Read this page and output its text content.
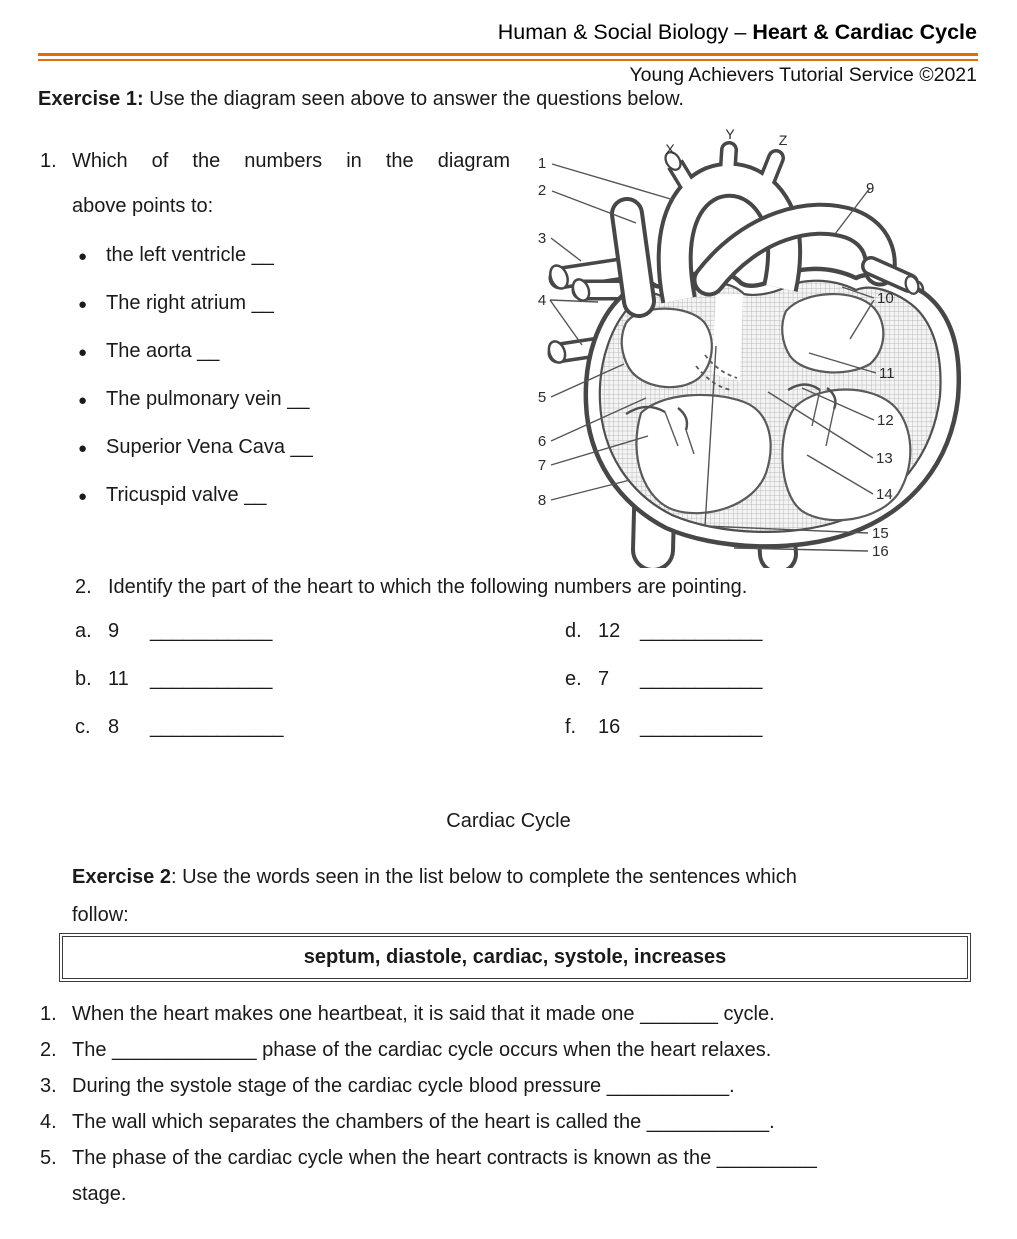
Human & Social Biology – Heart & Cardiac Cycle
Young Achievers Tutorial Service ©2021
Exercise 1: Use the diagram seen above to answer the questions below.
1. Which of the numbers in the diagram
above points to:
●
the left ventricle __
●
The right atrium __
●
The aorta __
●
The pulmonary vein __
●
Superior Vena Cava __
●
Tricuspid valve __
X
Y	Z
1
2
3
4
5
6
7
8
9
10
11
12
13
14
15
16
2. Identify the part of the heart to which the following numbers are pointing.
a. 9	___________
b. 11	___________
c. 8	____________
d. 12 ___________
e. 7	___________
f.	16 ___________
Cardiac Cycle
Exercise 2: Use the words seen in the list below to complete the sentences which
follow:
septum, diastole, cardiac, systole, increases
1. When the heart makes one heartbeat, it is said that it made one _______ cycle.
2. The _____________ phase of the cardiac cycle occurs when the heart relaxes.
3. During the systole stage of the cardiac cycle blood pressure ___________.
4. The wall which separates the chambers of the heart is called the ___________.
5. The phase of the cardiac cycle when the heart contracts is known as the _________
stage.
